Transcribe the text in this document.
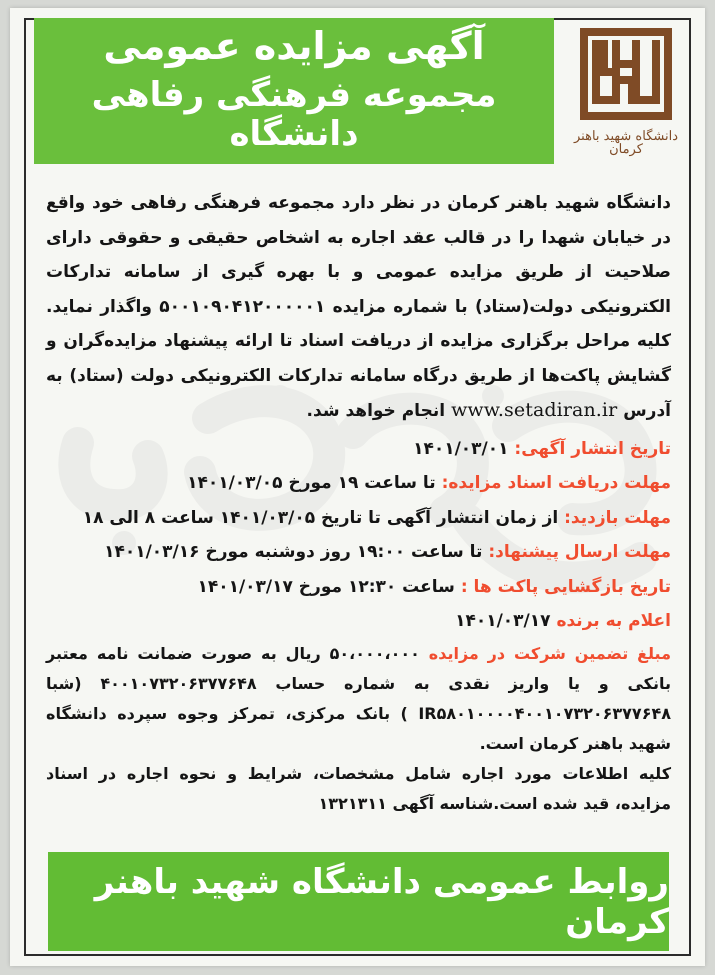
آگهی مزایده عمومی
مجموعه فرهنگی رفاهی دانشگاه	دانشگاه شهید باهنر کرمان
دانشگاه شهید باهنر کرمان در نظر دارد مجموعه فرهنگی رفاهی خود واقع در خیابان شهدا را در قالب عقد اجاره به اشخاص حقیقی و حقوقی دارای صلاحیت از طریق مزایده عمومی و با بهره گیری از سامانه تدارکات الکترونیکی دولت(ستاد) با شماره مزایده ۵۰۰۱۰۹۰۴۱۲۰۰۰۰۰۱ واگذار نماید. کلیه مراحل برگزاری مزایده از دریافت اسناد تا ارائه پیشنهاد مزایده‌گران و گشایش پاکت‌ها از طریق درگاه سامانه تدارکات الکترونیکی دولت (ستاد) به آدرس www.setadiran.ir انجام خواهد شد.
تاریخ انتشار آگهی: ۱۴۰۱/۰۳/۰۱
مهلت دریافت اسناد مزایده: تا ساعت ۱۹ مورخ ۱۴۰۱/۰۳/۰۵
مهلت بازدید: از زمان انتشار آگهی تا تاریخ ۱۴۰۱/۰۳/۰۵ ساعت ۸ الی ۱۸
مهلت ارسال پیشنهاد: تا ساعت ۱۹:۰۰ روز دوشنبه مورخ ۱۴۰۱/۰۳/۱۶
تاریخ بازگشایی پاکت ها : ساعت ۱۲:۳۰ مورخ ۱۴۰۱/۰۳/۱۷
اعلام به برنده ۱۴۰۱/۰۳/۱۷
مبلغ تضمین شرکت در مزایده ۵۰،۰۰۰،۰۰۰ ریال به صورت ضمانت نامه معتبر بانکی و یا واریز نقدی به شماره حساب ۴۰۰۱۰۷۳۲۰۶۳۷۷۶۴۸ (شبا IR۵۸۰۱۰۰۰۰۴۰۰۱۰۷۳۲۰۶۳۷۷۶۴۸ ) بانک مرکزی، تمرکز وجوه سپرده دانشگاه شهید باهنر کرمان است.
کلیه اطلاعات مورد اجاره شامل مشخصات، شرایط و نحوه اجاره در اسناد مزایده، قید شده است.شناسه آگهی ۱۳۲۱۳۱۱
روابط عمومی دانشگاه شهید باهنر کرمان
